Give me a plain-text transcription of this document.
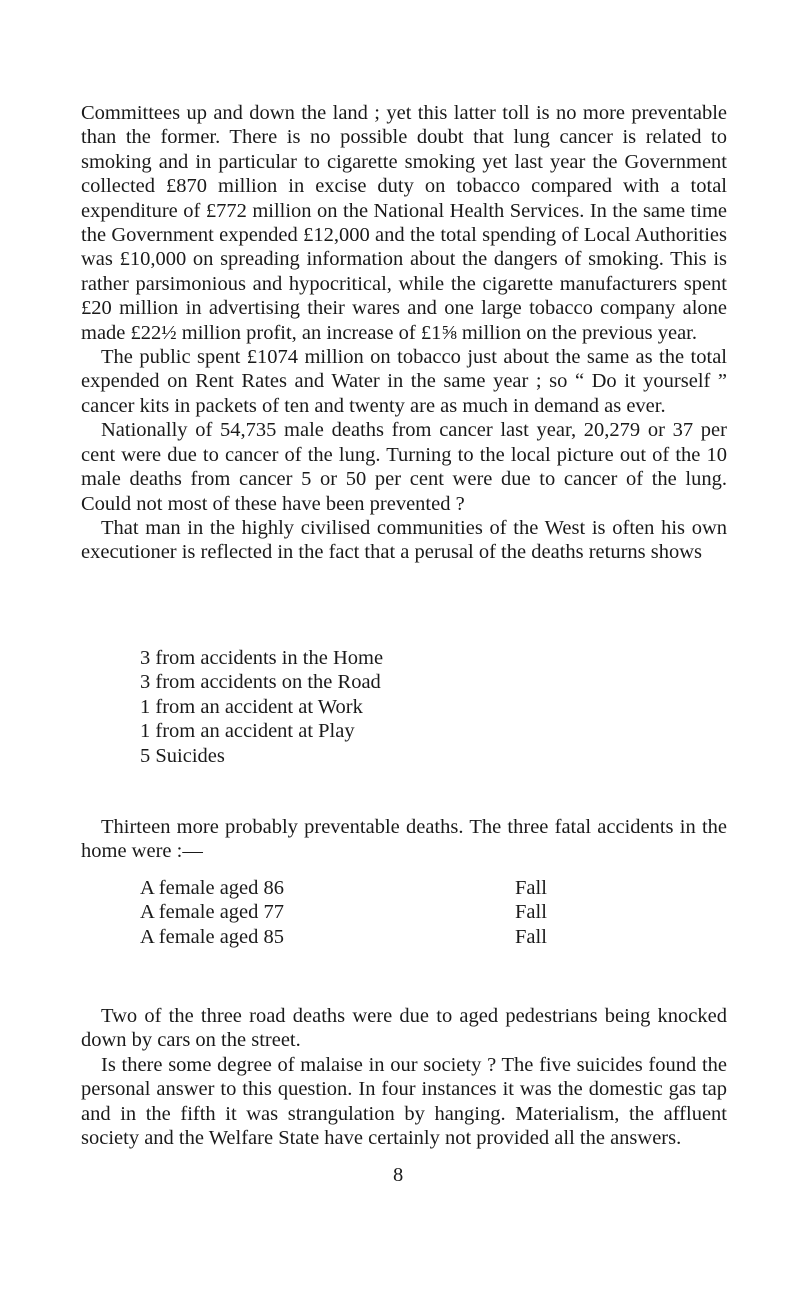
Committees up and down the land ; yet this latter toll is no more preventable than the former. There is no possible doubt that lung cancer is related to smoking and in particular to cigarette smoking yet last year the Government collected £870 million in excise duty on tobacco compared with a total expenditure of £772 million on the National Health Services. In the same time the Government expended £12,000 and the total spending of Local Authorities was £10,000 on spreading information about the dangers of smoking. This is rather parsimonious and hypocritical, while the cigarette manufacturers spent £20 million in advertising their wares and one large tobacco company alone made £22½ million profit, an increase of £1⅝ million on the previous year.

The public spent £1074 million on tobacco just about the same as the total expended on Rent Rates and Water in the same year ; so “ Do it yourself ” cancer kits in packets of ten and twenty are as much in demand as ever.

Nationally of 54,735 male deaths from cancer last year, 20,279 or 37 per cent were due to cancer of the lung. Turning to the local picture out of the 10 male deaths from cancer 5 or 50 per cent were due to cancer of the lung. Could not most of these have been prevented ?

That man in the highly civilised communities of the West is often his own executioner is reflected in the fact that a perusal of the deaths returns shows

3 from accidents in the Home
3 from accidents on the Road
1 from an accident at Work
1 from an accident at Play
5 Suicides
Thirteen more probably preventable deaths. The three fatal accidents in the home were :—
A female aged 86	Fall
A female aged 77	Fall
A female aged 85	Fall

Two of the three road deaths were due to aged pedestrians being knocked down by cars on the street.

Is there some degree of malaise in our society ? The five suicides found the personal answer to this question. In four instances it was the domestic gas tap and in the fifth it was strangulation by hanging. Materialism, the affluent society and the Welfare State have certainly not provided all the answers.

8
